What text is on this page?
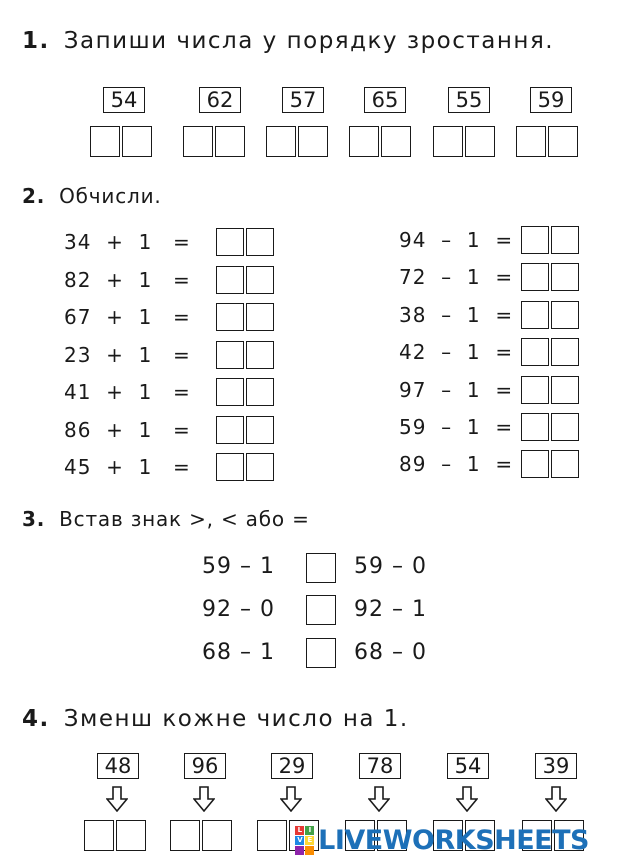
1. Запиши числа у порядку зростання.
54	62	57	65	55	59
2. Обчисли.
34 + 1 =
82 + 1 =
67 + 1 =
23 + 1 =
41 + 1 =
86 + 1 =
45 + 1 =
94 – 1 =
72 – 1 =
38 – 1 =
42 – 1 =
97 – 1 =
59 – 1 =
89 – 1 =
3. Встав знак >, < або =
59 – 1	59 – 0
92 – 0	92 – 1
68 – 1	68 – 0
4. Зменш кожне число на 1.
48	96	29	78	54	39
L I
V E LIVEWORKSHEETS
